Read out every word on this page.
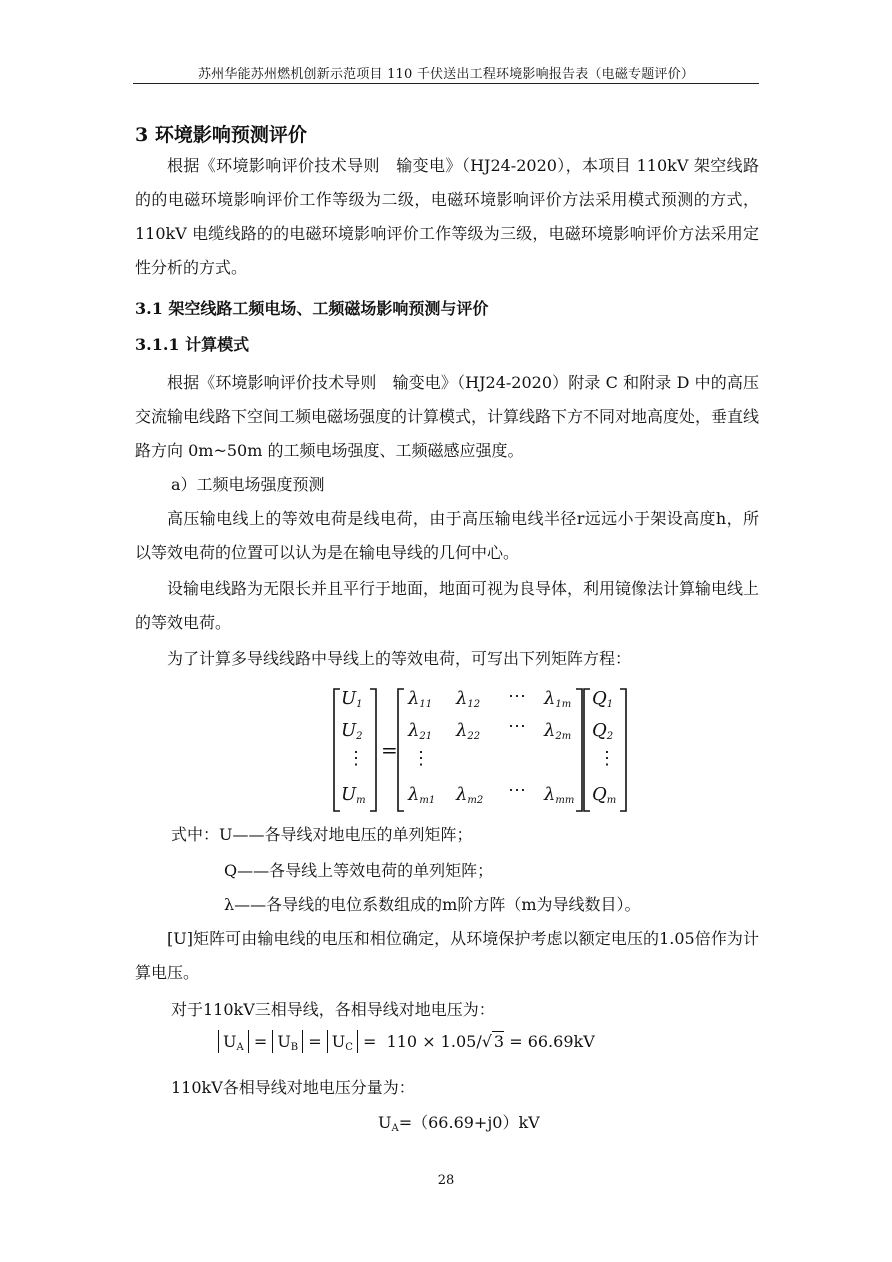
苏州华能苏州燃机创新示范项目 110 千伏送出工程环境影响报告表（电磁专题评价）
3 环境影响预测评价
根据《环境影响评价技术导则　输变电》（HJ24-2020），本项目 110kV 架空线路的的电磁环境影响评价工作等级为二级，电磁环境影响评价方法采用模式预测的方式，110kV 电缆线路的的电磁环境影响评价工作等级为三级，电磁环境影响评价方法采用定性分析的方式。
3.1 架空线路工频电场、工频磁场影响预测与评价
3.1.1 计算模式
根据《环境影响评价技术导则　输变电》（HJ24-2020）附录 C 和附录 D 中的高压交流输电线路下空间工频电磁场强度的计算模式，计算线路下方不同对地高度处，垂直线路方向 0m~50m 的工频电场强度、工频磁感应强度。
a）工频电场强度预测
高压输电线上的等效电荷是线电荷，由于高压输电线半径r远远小于架设高度h，所以等效电荷的位置可以认为是在输电导线的几何中心。
设输电线路为无限长并且平行于地面，地面可视为良导体，利用镜像法计算输电线上的等效电荷。
为了计算多导线线路中导线上的等效电荷，可写出下列矩阵方程：
$U_1$
$U_2$
⋮
$U_m$
=
$\lambda_{11}$ $\lambda_{12}$ ⋯ $\lambda_{1m}$
$\lambda_{21}$ $\lambda_{22}$ ⋯ $\lambda_{2m}$
⋮
$\lambda_{m1}$ $\lambda_{m2}$ ⋯ $\lambda_{mm}$
$Q_1$
$Q_2$
⋮
$Q_m$
式中：U——各导线对地电压的单列矩阵；
Q——各导线上等效电荷的单列矩阵；
λ——各导线的电位系数组成的m阶方阵（m为导线数目）。
[U]矩阵可由输电线的电压和相位确定，从环境保护考虑以额定电压的1.05倍作为计算电压。
对于110kV三相导线，各相导线对地电压为：
$U_A = U_B = U_C = 110$ × 1.05∕√ 3 = 66.69kV
110kV各相导线对地电压分量为：
$U_A=(66.69+j0)kV$
28
